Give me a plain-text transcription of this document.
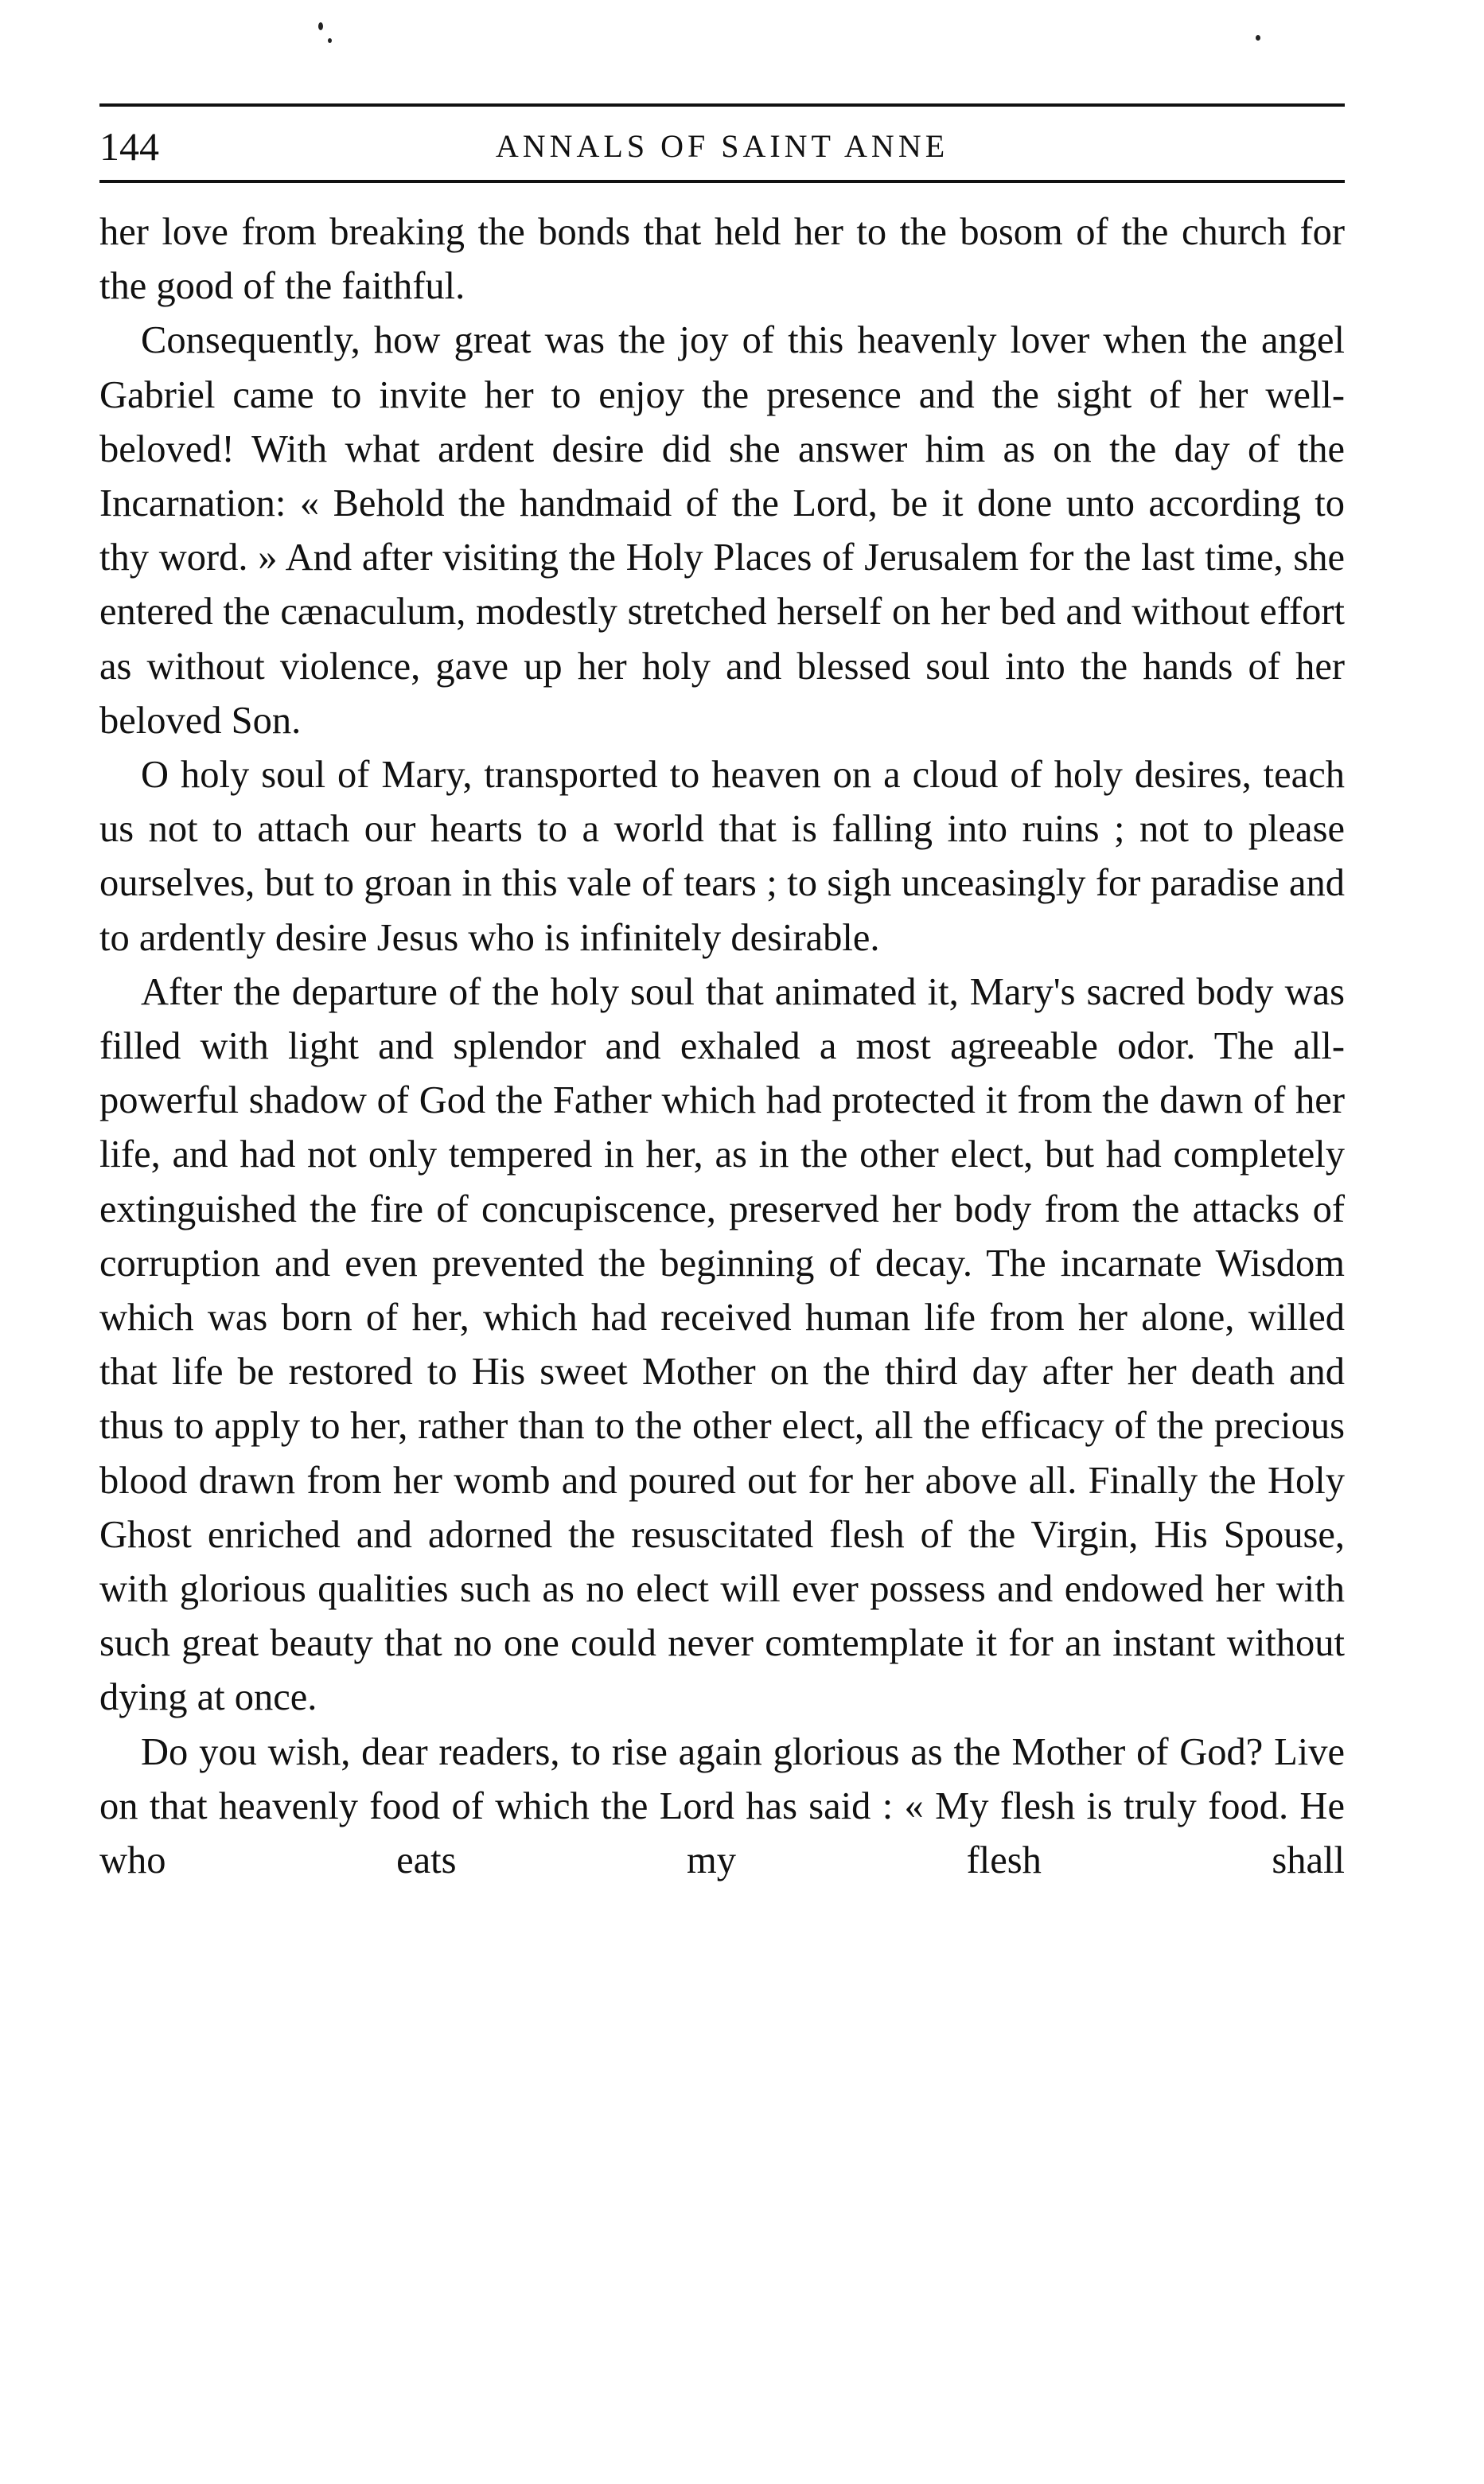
144	ANNALS OF SAINT ANNE

her love from breaking the bonds that held her to the bosom of the church for the good of the faithful.

Consequently, how great was the joy of this heavenly lover when the angel Gabriel came to invite her to enjoy the presence and the sight of her well-beloved! With what ardent desire did she answer him as on the day of the Incarnation: « Behold the handmaid of the Lord, be it done unto according to thy word. » And after visiting the Holy Places of Jerusalem for the last time, she entered the cænaculum, modestly stretched herself on her bed and without effort as without violence, gave up her holy and blessed soul into the hands of her beloved Son.

O holy soul of Mary, transported to heaven on a cloud of holy desires, teach us not to attach our hearts to a world that is falling into ruins ; not to please ourselves, but to groan in this vale of tears ; to sigh unceasingly for paradise and to ardently desire Jesus who is infinitely desirable.

After the departure of the holy soul that animated it, Mary's sacred body was filled with light and splendor and exhaled a most agreeable odor. The all-powerful shadow of God the Father which had protected it from the dawn of her life, and had not only tempered in her, as in the other elect, but had completely extinguished the fire of concupiscence, preserved her body from the attacks of corruption and even prevented the beginning of decay. The incarnate Wisdom which was born of her, which had received human life from her alone, willed that life be restored to His sweet Mother on the third day after her death and thus to apply to her, rather than to the other elect, all the efficacy of the precious blood drawn from her womb and poured out for her above all. Finally the Holy Ghost enriched and adorned the resuscitated flesh of the Virgin, His Spouse, with glorious qualities such as no elect will ever possess and endowed her with such great beauty that no one could never comtemplate it for an instant without dying at once.

Do you wish, dear readers, to rise again glorious as the Mother of God? Live on that heavenly food of which the Lord has said : « My flesh is truly food. He who eats my flesh shall
